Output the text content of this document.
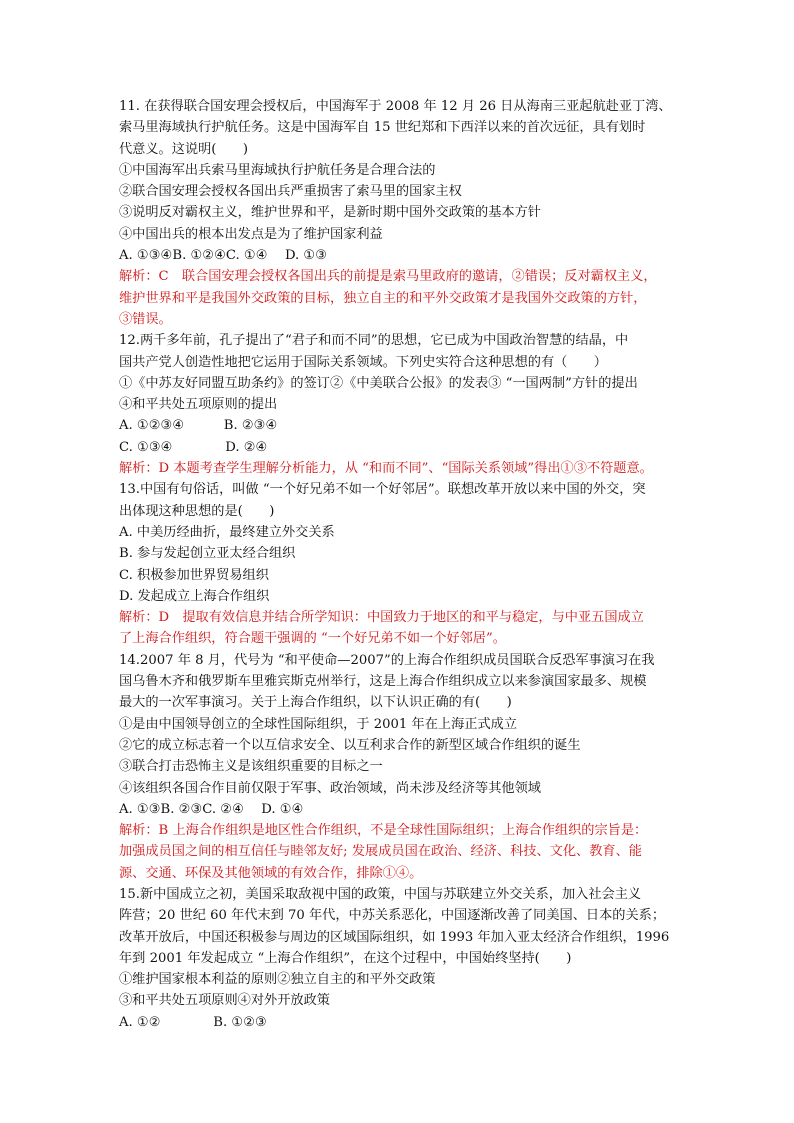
11. 在获得联合国安理会授权后，中国海军于 2008 年 12 月 26 日从海南三亚起航赴亚丁湾、
索马里海域执行护航任务。这是中国海军自 15 世纪郑和下西洋以来的首次远征，具有划时
代意义。这说明(　　)
①中国海军出兵索马里海域执行护航任务是合理合法的
②联合国安理会授权各国出兵严重损害了索马里的国家主权
③说明反对霸权主义，维护世界和平，是新时期中国外交政策的基本方针
④中国出兵的根本出发点是为了维护国家利益
A. ①③④B. ①②④C. ①④　 D. ①③
解析：C　联合国安理会授权各国出兵的前提是索马里政府的邀请，②错误；反对霸权主义，
维护世界和平是我国外交政策的目标，独立自主的和平外交政策才是我国外交政策的方针，
③错误。
12.两千多年前，孔子提出了“君子和而不同”的思想，它已成为中国政治智慧的结晶，中
国共产党人创造性地把它运用于国际关系领域。下列史实符合这种思想的有（　　）
①《中苏友好同盟互助条约》的签订②《中美联合公报》的发表③ “一国两制”方针的提出
④和平共处五项原则的提出
A. ①②③④　　　B. ②③④
C. ①③④　　　　D. ②④
解析：D 本题考查学生理解分析能力，从 “和而不同”、“国际关系领域”得出①③不符题意。
13.中国有句俗话，叫做 “一个好兄弟不如一个好邻居”。联想改革开放以来中国的外交，突
出体现这种思想的是(　　)
A. 中美历经曲折，最终建立外交关系
B. 参与发起创立亚太经合组织
C. 积极参加世界贸易组织
D. 发起成立上海合作组织
解析：D　提取有效信息并结合所学知识：中国致力于地区的和平与稳定，与中亚五国成立
了上海合作组织，符合题干强调的 “一个好兄弟不如一个好邻居”。
14.2007 年 8 月，代号为 “和平使命—2007”的上海合作组织成员国联合反恐军事演习在我
国乌鲁木齐和俄罗斯车里雅宾斯克州举行，这是上海合作组织成立以来参演国家最多、规模
最大的一次军事演习。关于上海合作组织，以下认识正确的有(　　)
①是由中国领导创立的全球性国际组织，于 2001 年在上海正式成立
②它的成立标志着一个以互信求安全、以互利求合作的新型区域合作组织的诞生
③联合打击恐怖主义是该组织重要的目标之一
④该组织各国合作目前仅限于军事、政治领域，尚未涉及经济等其他领域
A. ①③B. ②③C. ②④　 D. ①④
解析：B 上海合作组织是地区性合作组织，不是全球性国际组织；上海合作组织的宗旨是：
加强成员国之间的相互信任与睦邻友好; 发展成员国在政治、经济、科技、文化、教育、能
源、交通、环保及其他领域的有效合作，排除①④。
15.新中国成立之初，美国采取敌视中国的政策，中国与苏联建立外交关系，加入社会主义
阵营；20 世纪 60 年代末到 70 年代，中苏关系恶化，中国逐渐改善了同美国、日本的关系；
改革开放后，中国还积极参与周边的区域国际组织，如 1993 年加入亚太经济合作组织，1996
年到 2001 年发起成立 “上海合作组织”，在这个过程中，中国始终坚持(　　)
①维护国家根本利益的原则②独立自主的和平外交政策
③和平共处五项原则④对外开放政策
A. ①②　　　　B. ①②③
